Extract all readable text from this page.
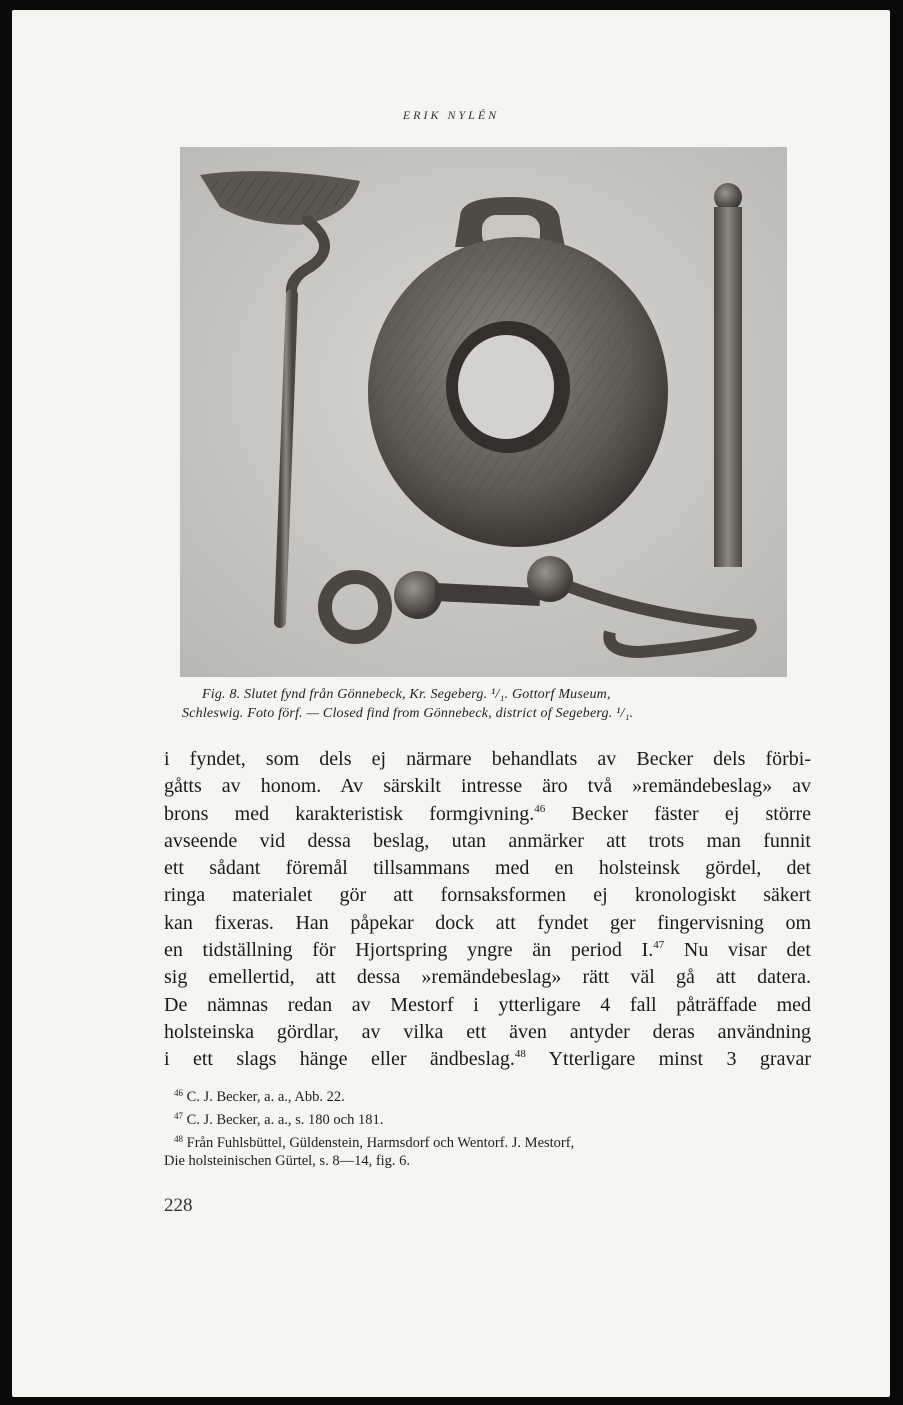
ERIK NYLÉN
Fig. 8. Slutet fynd från Gönnebeck, Kr. Segeberg. ¹/₁. Gottorf Museum,
Schleswig. Foto förf. — Closed find from Gönnebeck, district of Segeberg. ¹/₁.
i fyndet, som dels ej närmare behandlats av Becker dels förbi-
gåtts av honom. Av särskilt intresse äro två »remändebeslag» av
brons med karakteristisk formgivning.$^{46}$ Becker fäster ej större
avseende vid dessa beslag, utan anmärker att trots man funnit
ett sådant föremål tillsammans med en holsteinsk gördel, det
ringa materialet gör att fornsaksformen ej kronologiskt säkert
kan fixeras. Han påpekar dock att fyndet ger fingervisning om
en tidställning för Hjortspring yngre än period I.$^{47}$ Nu visar det
sig emellertid, att dessa »remändebeslag» rätt väl gå att datera.
De nämnas redan av Mestorf i ytterligare 4 fall påträffade med
holsteinska gördlar, av vilka ett även antyder deras användning
i ett slags hänge eller ändbeslag.$^{48}$ Ytterligare minst 3 gravar
$^{46}$ C. J. Becker, a. a., Abb. 22.
$^{47}$ C. J. Becker, a. a., s. 180 och 181.
$^{48}$ Från Fuhlsbüttel, Güldenstein, Harmsdorf och Wentorf. J. Mestorf,
Die holsteinischen Gürtel, s. 8—14, fig. 6.
228
